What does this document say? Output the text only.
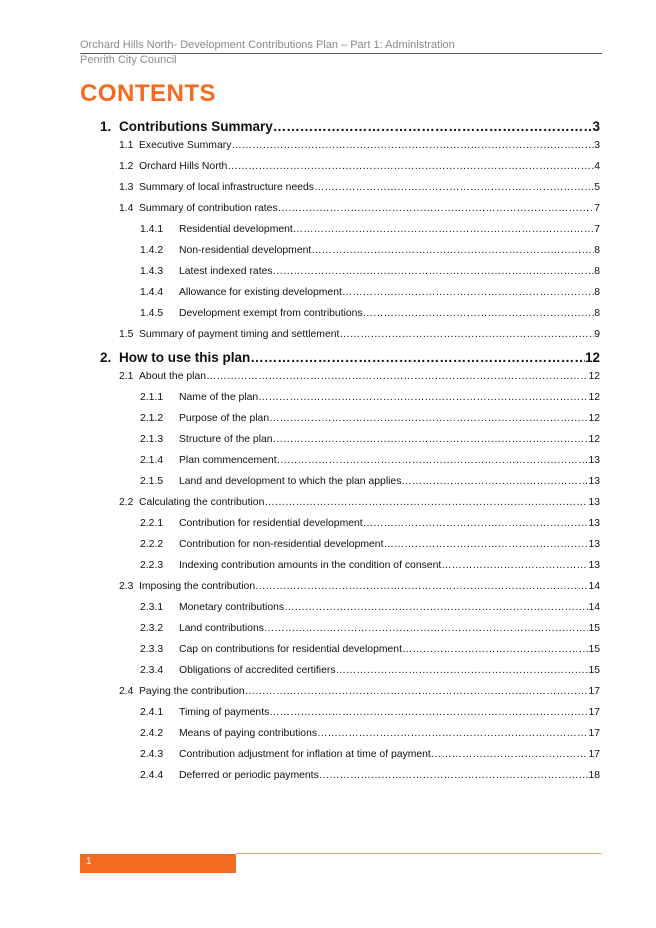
Orchard Hills North- Development Contributions Plan – Part 1: Administration
Penrith City Council
CONTENTS
1. Contributions Summary …………………………………………………………………………………………………………………………………………………………………………………………	3
1.1 Executive Summary …………………………………………………………………………………………………………………………………………………………………………………………	3
1.2 Orchard Hills North …………………………………………………………………………………………………………………………………………………………………………………………	4
1.3 Summary of local infrastructure needs …………………………………………………………………………………………………………………………………………………………………………………………	5
1.4 Summary of contribution rates …………………………………………………………………………………………………………………………………………………………………………………………	7
1.4.1	Residential development …………………………………………………………………………………………………………………………………………………………………………………………	7
1.4.2	Non-residential development …………………………………………………………………………………………………………………………………………………………………………………………	8
1.4.3	Latest indexed rates …………………………………………………………………………………………………………………………………………………………………………………………	8
1.4.4	Allowance for existing development …………………………………………………………………………………………………………………………………………………………………………………………	8
1.4.5	Development exempt from contributions …………………………………………………………………………………………………………………………………………………………………………………………	8
1.5 Summary of payment timing and settlement …………………………………………………………………………………………………………………………………………………………………………………………	9
2. How to use this plan …………………………………………………………………………………………………………………………………………………………………………………………	12
2.1 About the plan …………………………………………………………………………………………………………………………………………………………………………………………	12
2.1.1	Name of the plan …………………………………………………………………………………………………………………………………………………………………………………………	12
2.1.2	Purpose of the plan …………………………………………………………………………………………………………………………………………………………………………………………	12
2.1.3	Structure of the plan …………………………………………………………………………………………………………………………………………………………………………………………	12
2.1.4	Plan commencement …………………………………………………………………………………………………………………………………………………………………………………………	13
2.1.5	Land and development to which the plan applies …………………………………………………………………………………………………………………………………………………………………………………………	13
2.2 Calculating the contribution …………………………………………………………………………………………………………………………………………………………………………………………	13
2.2.1	Contribution for residential development …………………………………………………………………………………………………………………………………………………………………………………………	13
2.2.2	Contribution for non-residential development …………………………………………………………………………………………………………………………………………………………………………………………	13
2.2.3	Indexing contribution amounts in the condition of consent …………………………………………………………………………………………………………………………………………………………………………………………	13
2.3 Imposing the contribution …………………………………………………………………………………………………………………………………………………………………………………………	14
2.3.1	Monetary contributions …………………………………………………………………………………………………………………………………………………………………………………………	14
2.3.2	Land contributions …………………………………………………………………………………………………………………………………………………………………………………………	15
2.3.3	Cap on contributions for residential development …………………………………………………………………………………………………………………………………………………………………………………………	15
2.3.4	Obligations of accredited certifiers …………………………………………………………………………………………………………………………………………………………………………………………	15
2.4 Paying the contribution …………………………………………………………………………………………………………………………………………………………………………………………	17
2.4.1	Timing of payments …………………………………………………………………………………………………………………………………………………………………………………………	17
2.4.2	Means of paying contributions …………………………………………………………………………………………………………………………………………………………………………………………	17
2.4.3	Contribution adjustment for inflation at time of payment …………………………………………………………………………………………………………………………………………………………………………………………	17
2.4.4	Deferred or periodic payments …………………………………………………………………………………………………………………………………………………………………………………………	18
1
